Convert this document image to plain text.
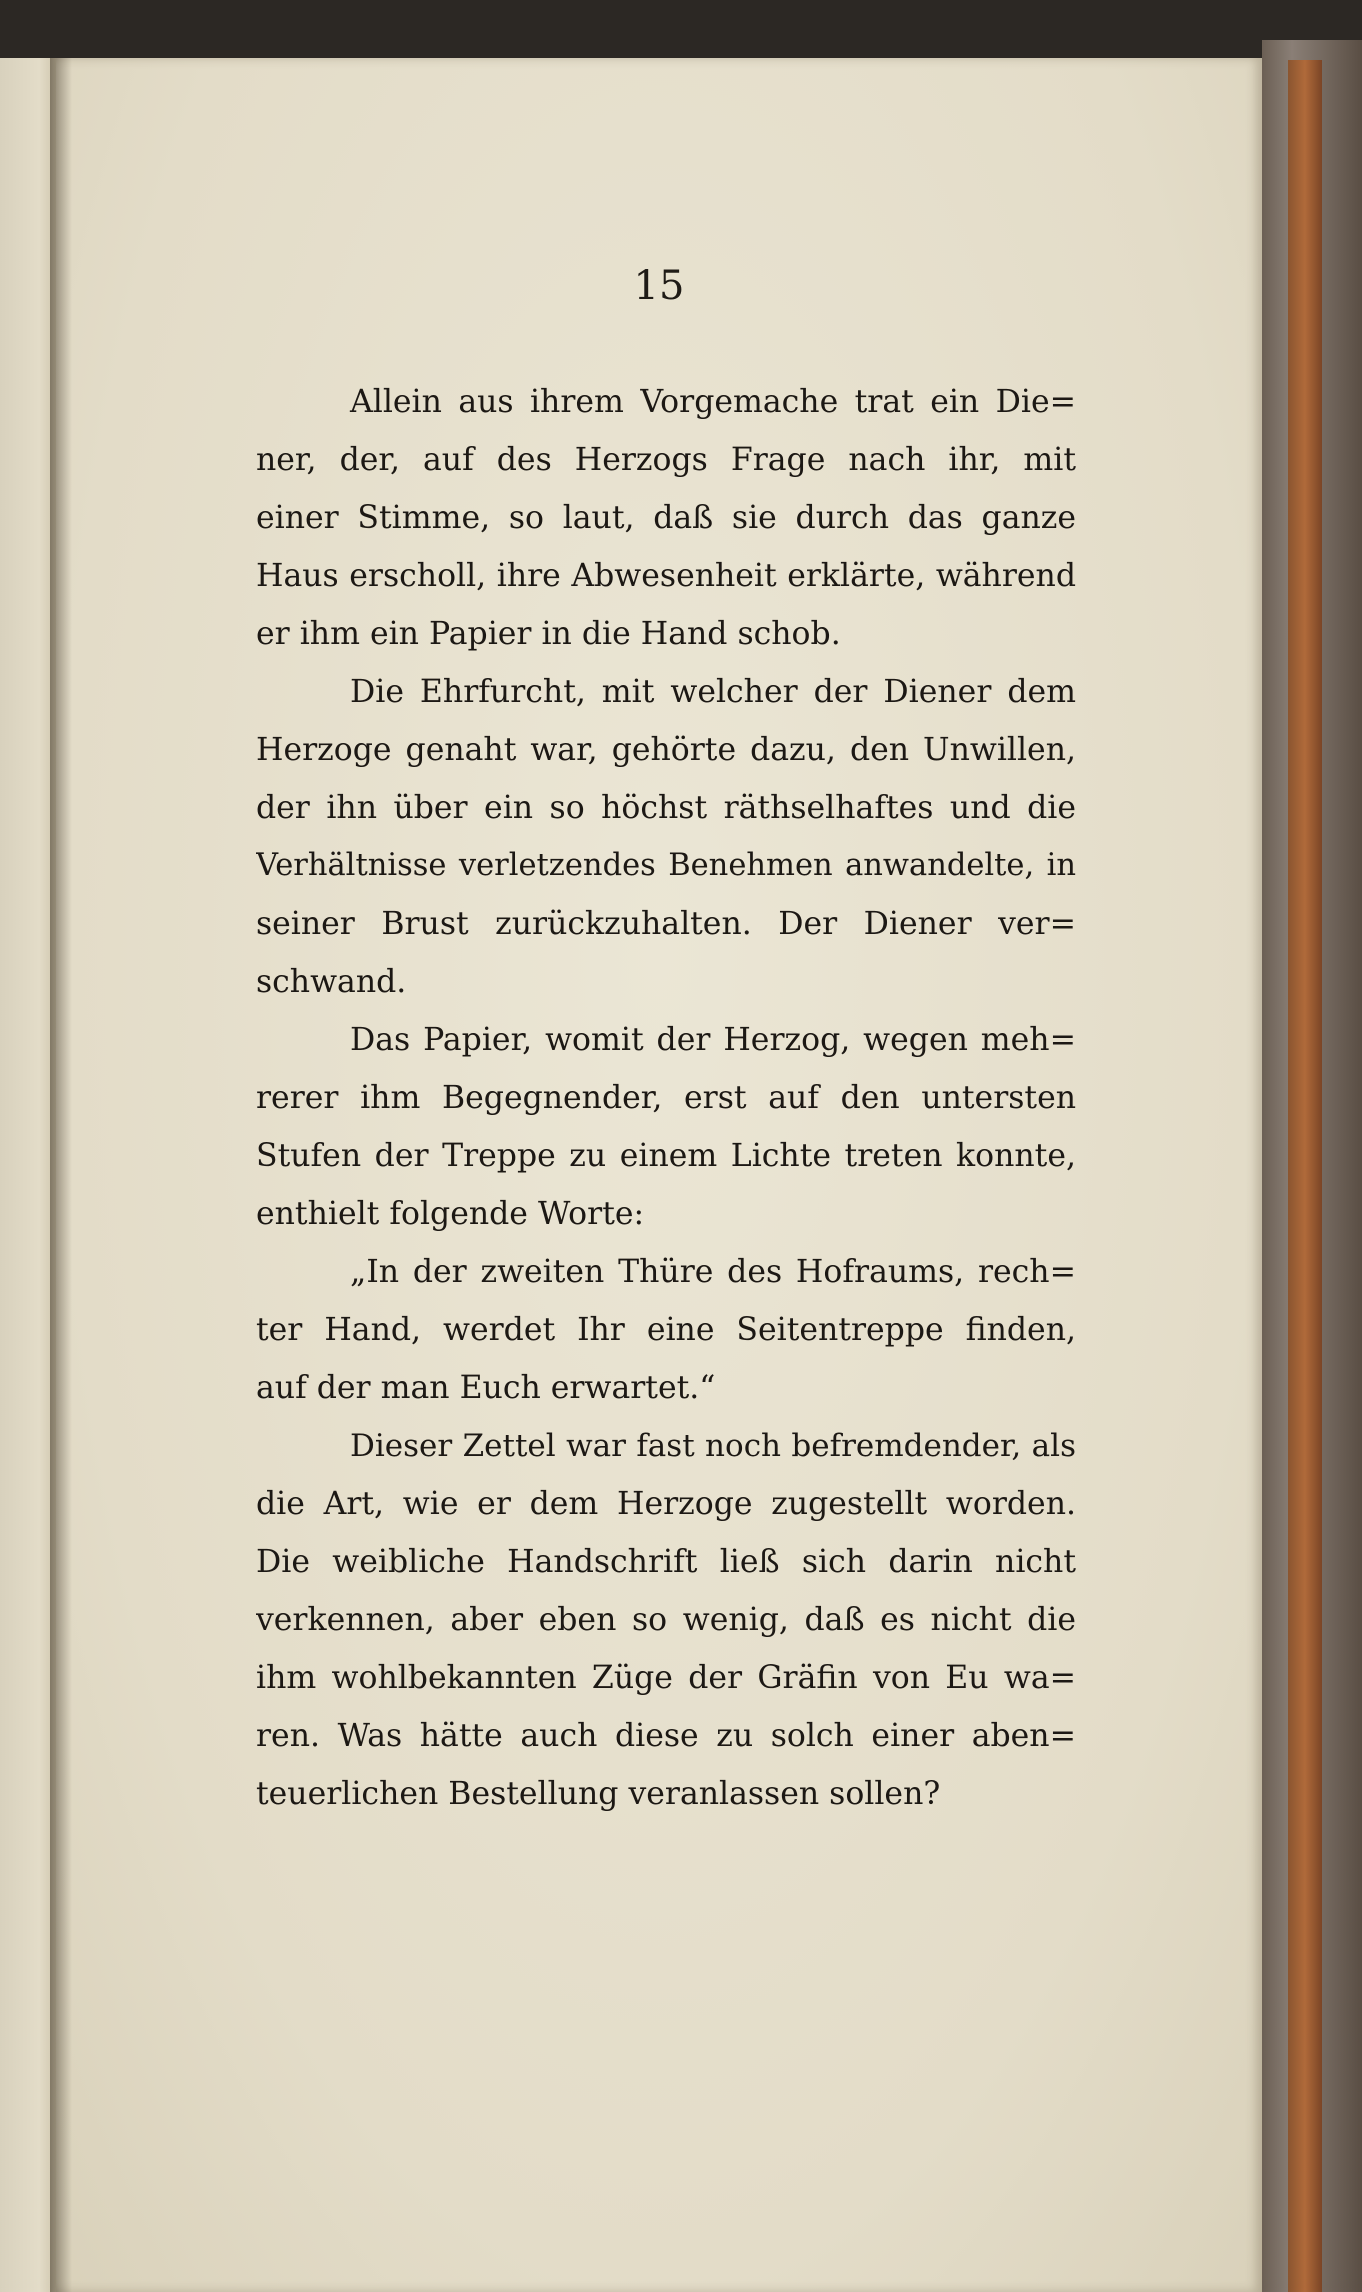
15
Allein aus ihrem Vorgemache trat ein Die=
ner, der, auf des Herzogs Frage nach ihr, mit
einer Stimme, so laut, daß sie durch das ganze
Haus erscholl, ihre Abwesenheit erklärte, während
er ihm ein Papier in die Hand schob.
Die Ehrfurcht, mit welcher der Diener dem
Herzoge genaht war, gehörte dazu, den Unwillen,
der ihn über ein so höchst räthselhaftes und die
Verhältnisse verletzendes Benehmen anwandelte, in
seiner Brust zurückzuhalten. Der Diener ver=
schwand.
Das Papier, womit der Herzog, wegen meh=
rerer ihm Begegnender, erst auf den untersten
Stufen der Treppe zu einem Lichte treten konnte,
enthielt folgende Worte:
„In der zweiten Thüre des Hofraums, rech=
ter Hand, werdet Ihr eine Seitentreppe finden,
auf der man Euch erwartet.“
Dieser Zettel war fast noch befremdender, als
die Art, wie er dem Herzoge zugestellt worden.
Die weibliche Handschrift ließ sich darin nicht
verkennen, aber eben so wenig, daß es nicht die
ihm wohlbekannten Züge der Gräfin von Eu wa=
ren. Was hätte auch diese zu solch einer aben=
teuerlichen Bestellung veranlassen sollen?
